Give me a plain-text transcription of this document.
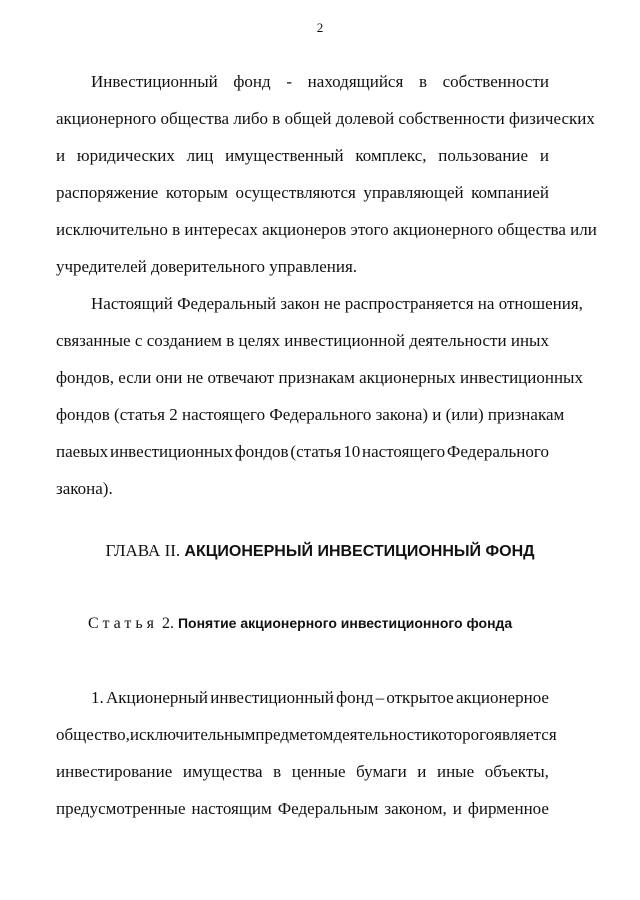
2
Инвестиционный фонд - находящийся в собственности
акционерного общества либо в общей долевой собственности физических
и юридических лиц имущественный комплекс, пользование и
распоряжение которым осуществляются управляющей компанией
исключительно в интересах акционеров этого акционерного общества или
учредителей доверительного управления.
Настоящий Федеральный закон не распространяется на отношения,
связанные с созданием в целях инвестиционной деятельности иных
фондов, если они не отвечают признакам акционерных инвестиционных
фондов (статья 2 настоящего Федерального закона) и (или) признакам
паевых инвестиционных фондов (статья 10 настоящего Федерального
закона).
ГЛАВА II. АКЦИОНЕРНЫЙ ИНВЕСТИЦИОННЫЙ ФОНД
Статья 2. Понятие акционерного инвестиционного фонда
1. Акционерный инвестиционный фонд – открытое акционерное
общество, исключительным предметом деятельности которого является
инвестирование имущества в ценные бумаги и иные объекты,
предусмотренные настоящим Федеральным законом, и фирменное
